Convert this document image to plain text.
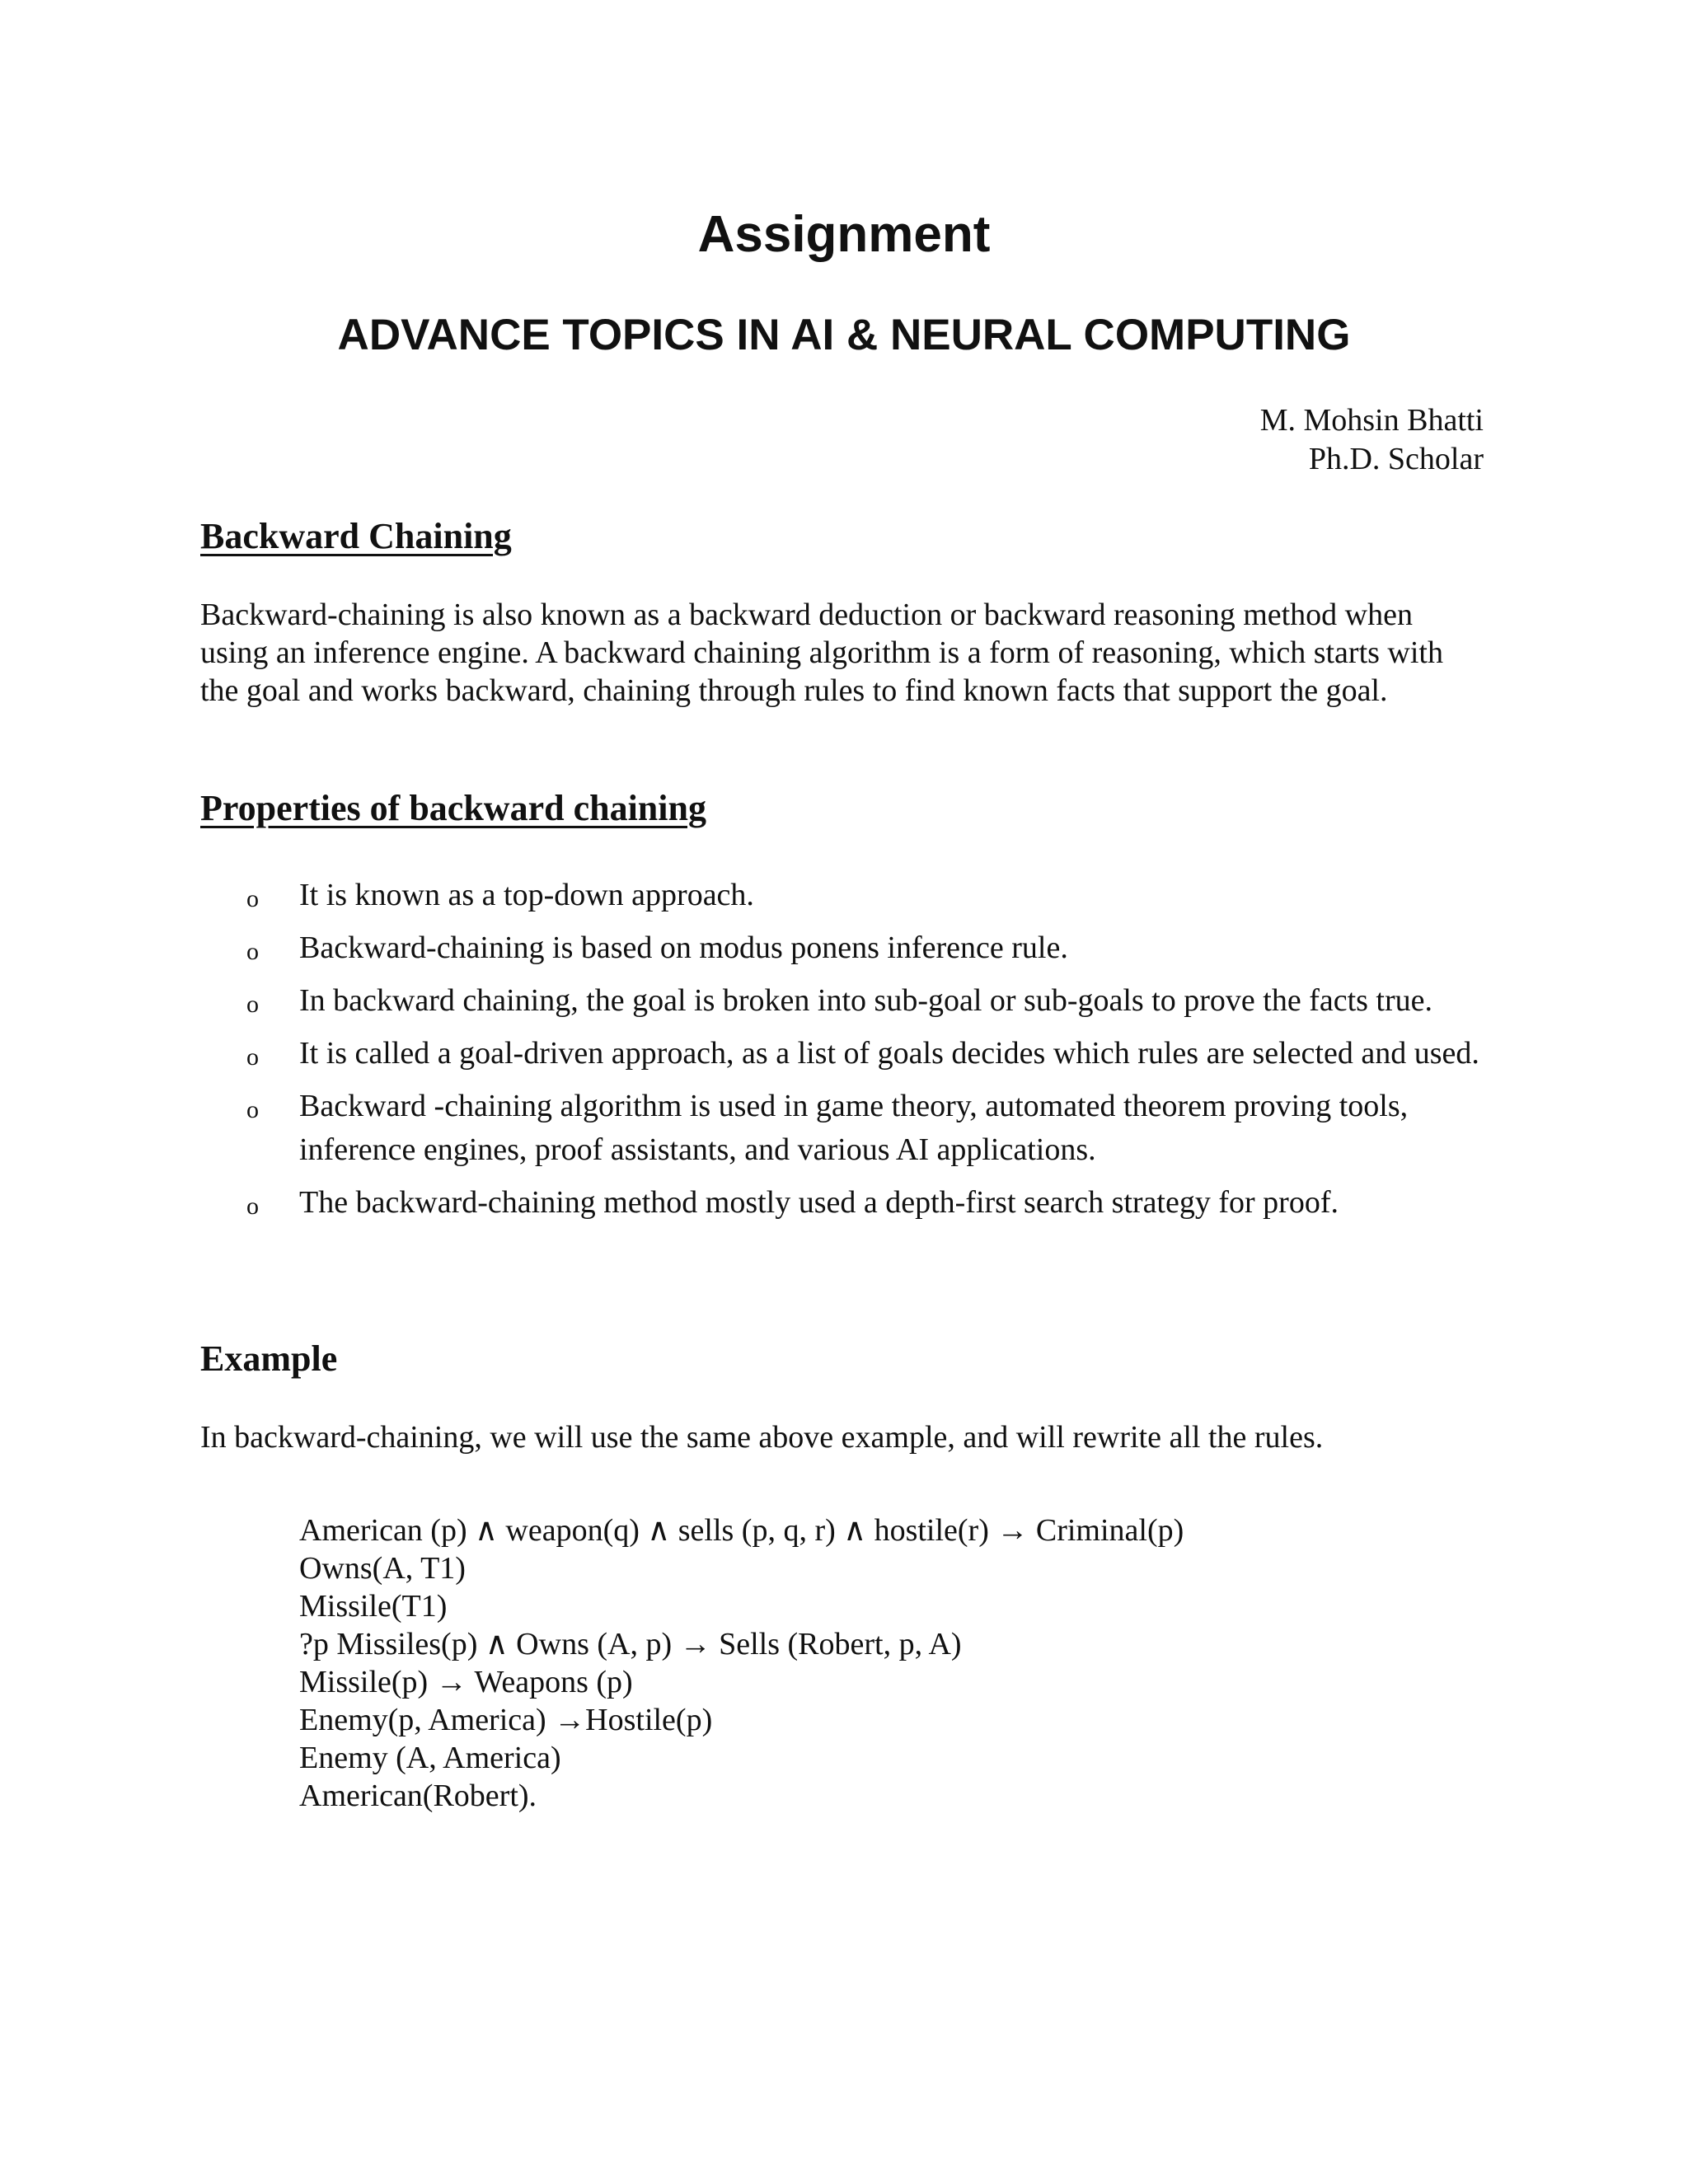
Assignment
ADVANCE TOPICS IN AI & NEURAL COMPUTING
M. Mohsin Bhatti
Ph.D. Scholar
Backward Chaining

Backward-chaining is also known as a backward deduction or backward reasoning method when using an inference engine. A backward chaining algorithm is a form of reasoning, which starts with the goal and works backward, chaining through rules to find known facts that support the goal.

Properties of backward chaining
o It is known as a top-down approach.
o Backward-chaining is based on modus ponens inference rule.
o In backward chaining, the goal is broken into sub-goal or sub-goals to prove the facts true.
o It is called a goal-driven approach, as a list of goals decides which rules are selected and used.
o Backward -chaining algorithm is used in game theory, automated theorem proving tools, inference engines, proof assistants, and various AI applications.
o The backward-chaining method mostly used a depth-first search strategy for proof.
Example

In backward-chaining, we will use the same above example, and will rewrite all the rules.

American (p) ∧ weapon(q) ∧ sells (p, q, r) ∧ hostile(r) → Criminal(p)
Owns(A, T1)
Missile(T1)
?p Missiles(p) ∧ Owns (A, p) → Sells (Robert, p, A)
Missile(p) → Weapons (p)
Enemy(p, America) →Hostile(p)
Enemy (A, America)
American(Robert).
